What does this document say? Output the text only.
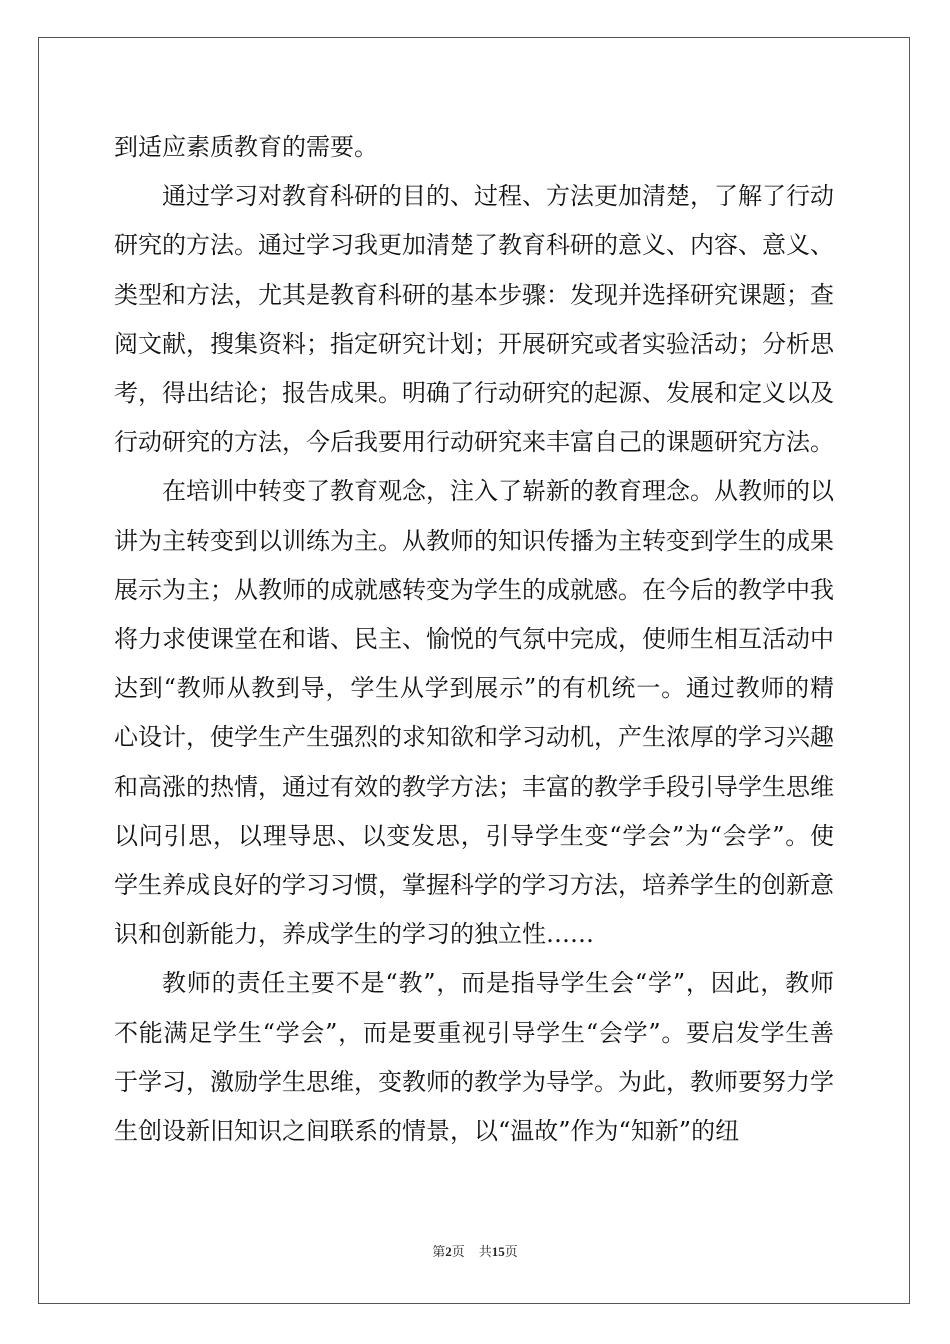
到适应素质教育的需要。

通过学习对教育科研的目的、过程、方法更加清楚，了解了行动研究的方法。通过学习我更加清楚了教育科研的意义、内容、意义、类型和方法，尤其是教育科研的基本步骤：发现并选择研究课题；查阅文献，搜集资料；指定研究计划；开展研究或者实验活动；分析思考，得出结论；报告成果。明确了行动研究的起源、发展和定义以及行动研究的方法，今后我要用行动研究来丰富自己的课题研究方法。

在培训中转变了教育观念，注入了崭新的教育理念。从教师的以讲为主转变到以训练为主。从教师的知识传播为主转变到学生的成果展示为主；从教师的成就感转变为学生的成就感。在今后的教学中我将力求使课堂在和谐、民主、愉悦的气氛中完成，使师生相互活动中达到“教师从教到导，学生从学到展示”的有机统一。通过教师的精心设计，使学生产生强烈的求知欲和学习动机，产生浓厚的学习兴趣和高涨的热情，通过有效的教学方法；丰富的教学手段引导学生思维以问引思，以理导思、以变发思，引导学生变“学会”为“会学”。使学生养成良好的学习习惯，掌握科学的学习方法，培养学生的创新意识和创新能力，养成学生的学习的独立性……

教师的责任主要不是“教”，而是指导学生会“学”，因此，教师不能满足学生“学会”，而是要重视引导学生“会学”。要启发学生善于学习，激励学生思维，变教师的教学为导学。为此，教师要努力学生创设新旧知识之间联系的情景，以“温故”作为“知新”的纽

第2页 共15页
